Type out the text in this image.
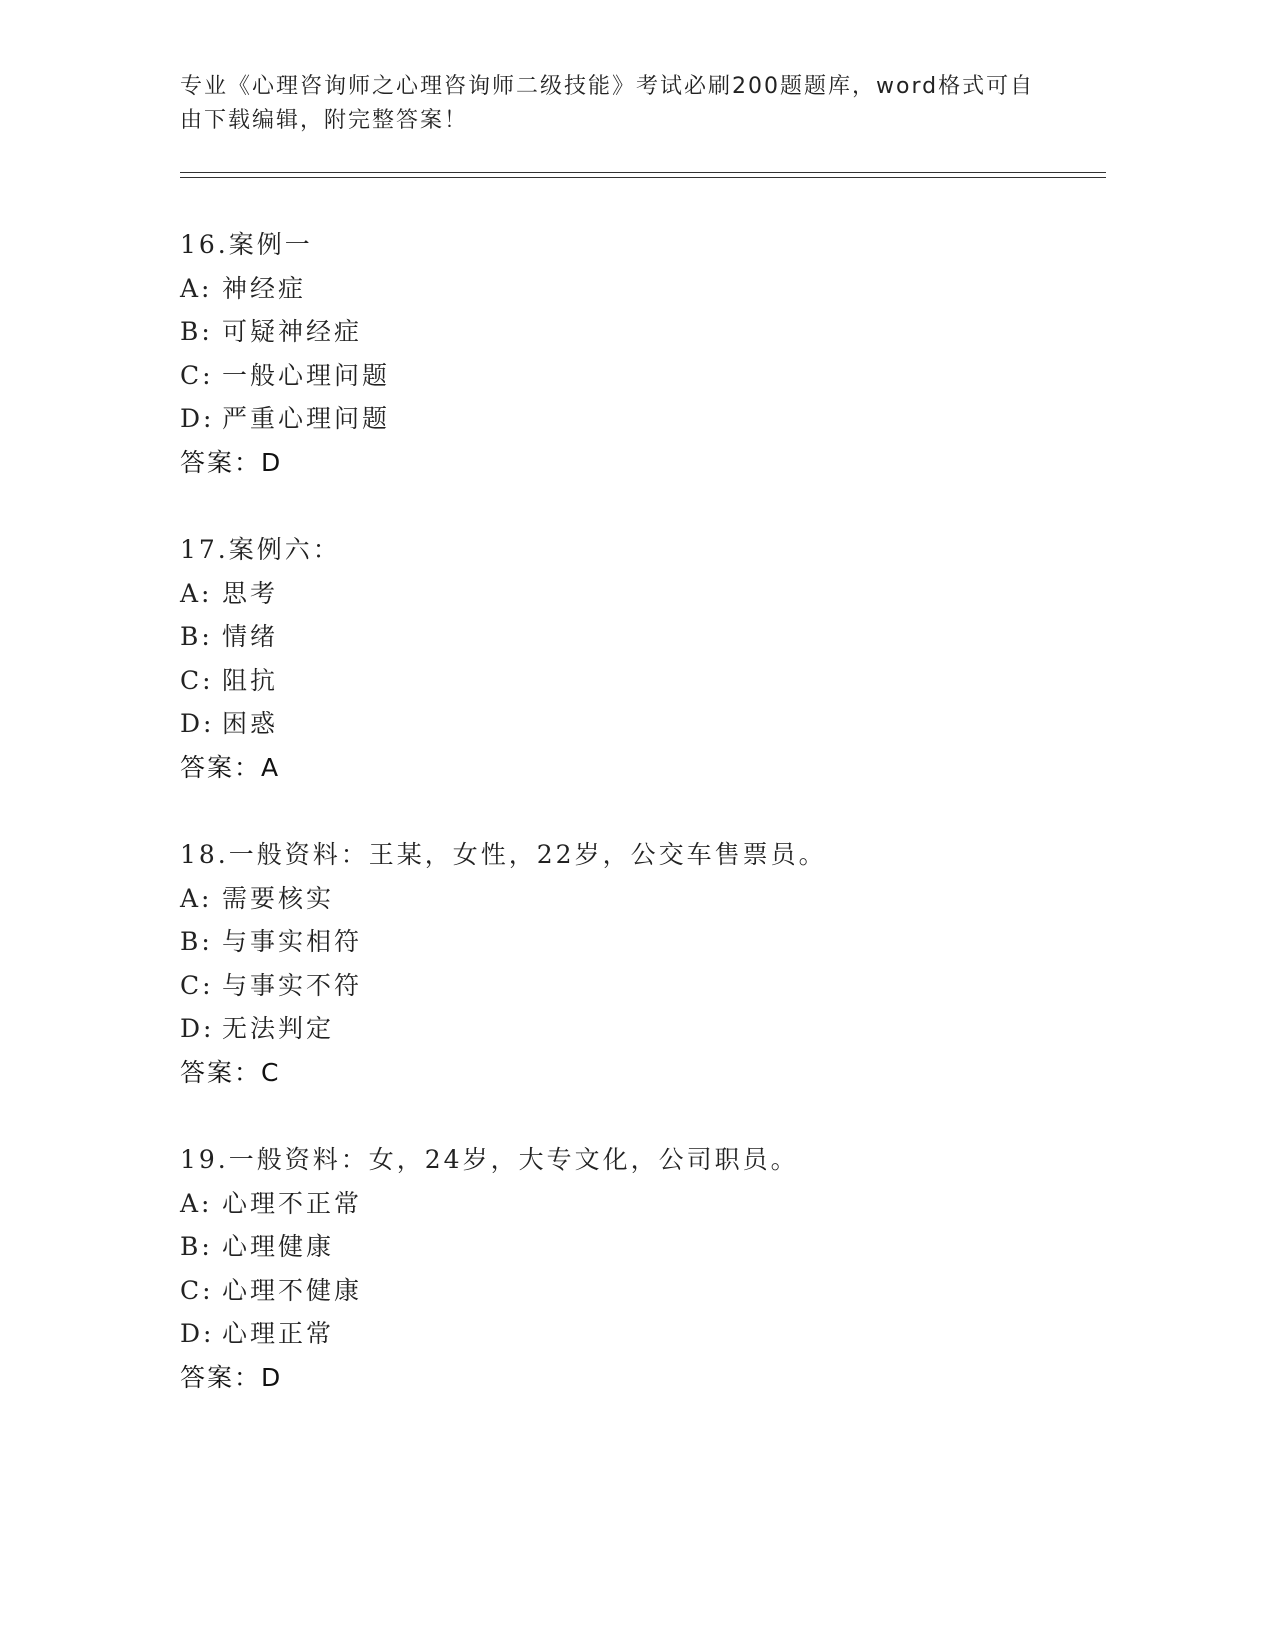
专业《心理咨询师之心理咨询师二级技能》考试必刷200题题库，word格式可自
由下载编辑，附完整答案！
16.案例一
A: 神经症
B: 可疑神经症
C: 一般心理问题
D: 严重心理问题
答案：D
17.案例六：
A: 思考
B: 情绪
C: 阻抗
D: 困惑
答案：A
18.一般资料：王某，女性，22岁，公交车售票员。
A: 需要核实
B: 与事实相符
C: 与事实不符
D: 无法判定
答案：C
19.一般资料：女，24岁，大专文化，公司职员。
A: 心理不正常
B: 心理健康
C: 心理不健康
D: 心理正常
答案：D
